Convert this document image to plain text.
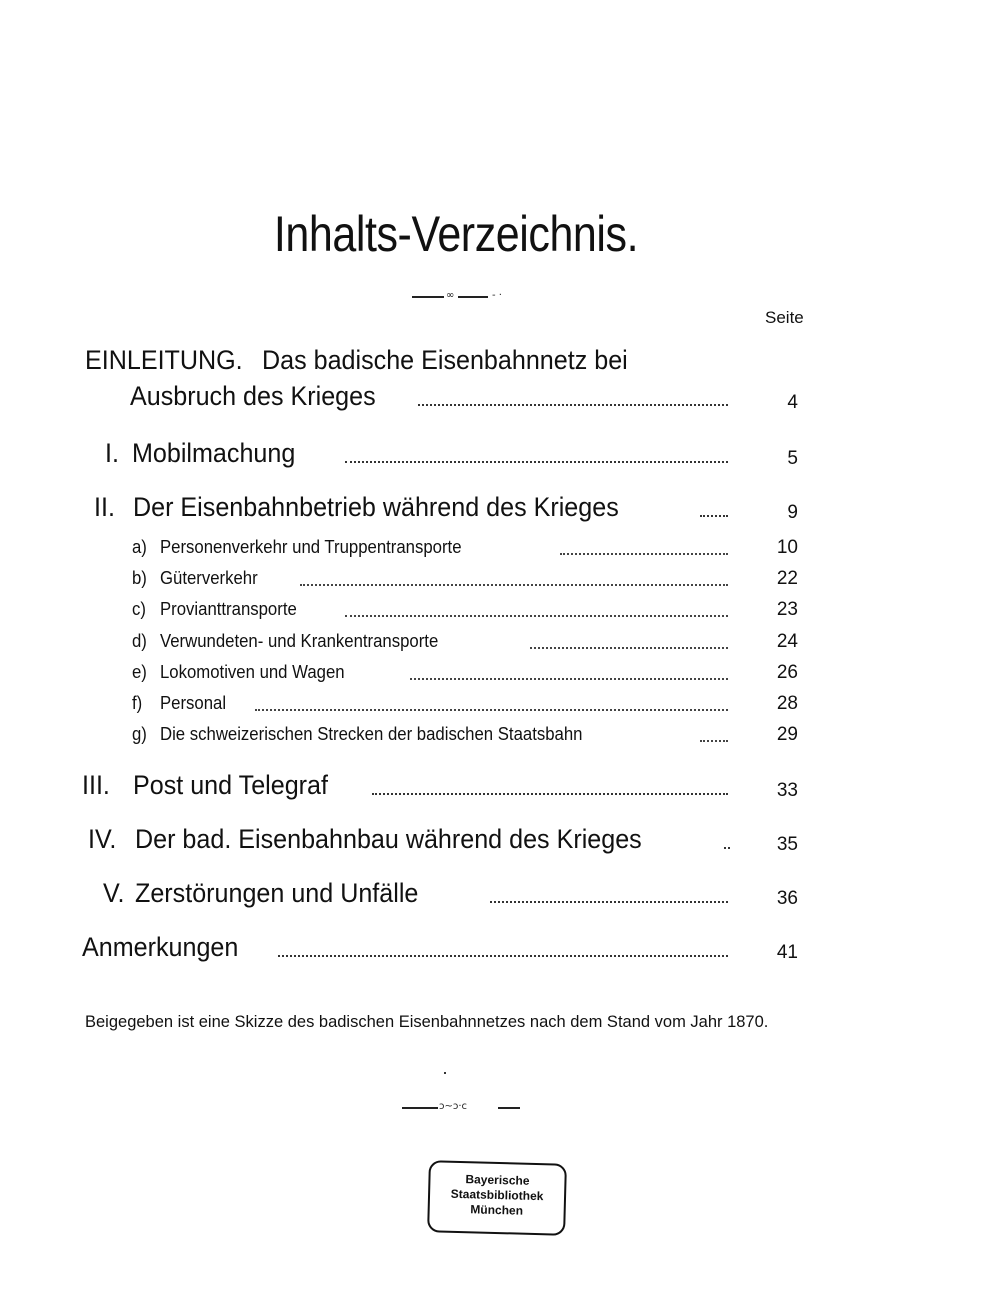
Inhalts-Verzeichnis.
∞	- ·
Seite
EINLEITUNG. Das badische Eisenbahnnetz bei
Ausbruch des Krieges	4
I. Mobilmachung	5
II. Der Eisenbahnbetrieb während des Krieges	9
a) Personenverkehr und Truppentransporte	10
b) Güterverkehr	22
c) Provianttransporte	23
d) Verwundeten- und Krankentransporte	24
e) Lokomotiven und Wagen	26
f) Personal	28
g) Die schweizerischen Strecken der badischen Staatsbahn	29
III. Post und Telegraf	33
IV. Der bad. Eisenbahnbau während des Krieges	35
V. Zerstörungen und Unfälle	36
Anmerkungen	41
Beigegeben ist eine Skizze des badischen Eisenbahnnetzes nach dem Stand vom Jahr 1870.
ↄ~ↄ·ᴄ
Bayerische
Staatsbibliothek
München
